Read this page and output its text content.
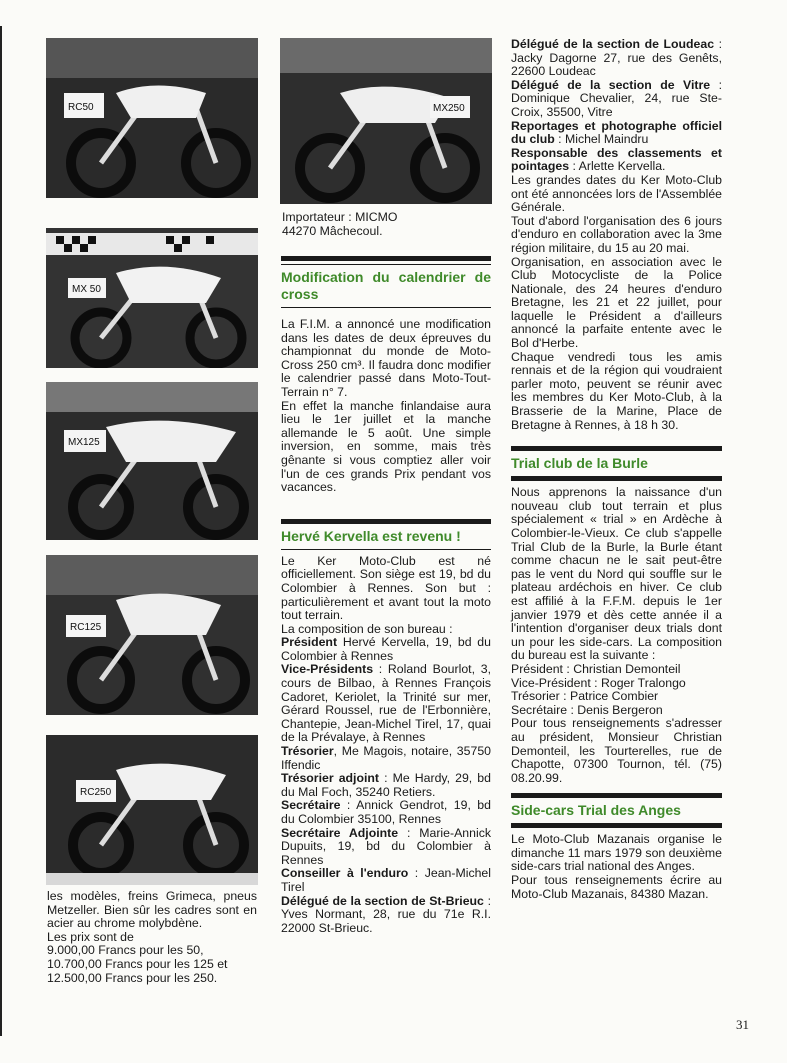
RC50	MX250
MX 50
MX125
RC125
RC250
Importateur : MICMO
44270 Mâchecoul.

les modèles, freins Grimeca, pneus Metzeller. Bien sûr les cadres sont en acier au chrome molybdène.

Les prix sont de

9.000,00 Francs pour les 50,

10.700,00 Francs pour les 125 et

12.500,00 Francs pour les 250.

Modification du calendrier de cross

La F.I.M. a annoncé une modification dans les dates de deux épreuves du championnat du monde de Moto-Cross 250 cm³. Il faudra donc modifier le calendrier passé dans Moto-Tout-Terrain n° 7.

En effet la manche finlandaise aura lieu le 1er juillet et la manche allemande le 5 août. Une simple inversion, en somme, mais très gênante si vous comptiez aller voir l'un de ces grands Prix pendant vos vacances.

Hervé Kervella est revenu !

Le Ker Moto-Club est né officiellement. Son siège est 19, bd du Colombier à Rennes. Son but : particulièrement et avant tout la moto tout terrain.

La composition de son bureau :

Président Hervé Kervella, 19, bd du Colombier à Rennes

Vice-Présidents : Roland Bourlot, 3, cours de Bilbao, à Rennes François Cadoret, Keriolet, la Trinité sur mer, Gérard Roussel, rue de l'Erbonnière, Chantepie, Jean-Michel Tirel, 17, quai de la Prévalaye, à Rennes

Trésorier, Me Magois, notaire, 35750 Iffendic

Trésorier adjoint : Me Hardy, 29, bd du Mal Foch, 35240 Retiers.

Secrétaire : Annick Gendrot, 19, bd du Colombier 35100, Rennes

Secrétaire Adjointe : Marie-Annick Dupuits, 19, bd du Colombier à Rennes

Conseiller à l'enduro : Jean-Michel Tirel

Délégué de la section de St-Brieuc : Yves Normant, 28, rue du 71e R.I. 22000 St-Brieuc.

Délégué de la section de Loudeac : Jacky Dagorne 27, rue des Genêts, 22600 Loudeac

Délégué de la section de Vitre : Dominique Chevalier, 24, rue Ste-Croix, 35500, Vitre

Reportages et photographe officiel du club : Michel Maindru

Responsable des classements et pointages : Arlette Kervella.

Les grandes dates du Ker Moto-Club ont été annoncées lors de l'Assemblée Générale.

Tout d'abord l'organisation des 6 jours d'enduro en collaboration avec la 3me région militaire, du 15 au 20 mai.

Organisation, en association avec le Club Motocycliste de la Police Nationale, des 24 heures d'enduro Bretagne, les 21 et 22 juillet, pour laquelle le Président a d'ailleurs annoncé la parfaite entente avec le Bol d'Herbe.

Chaque vendredi tous les amis rennais et de la région qui voudraient parler moto, peuvent se réunir avec les membres du Ker Moto-Club, à la Brasserie de la Marine, Place de Bretagne à Rennes, à 18 h 30.

Trial club de la Burle

Nous apprenons la naissance d'un nouveau club tout terrain et plus spécialement « trial » en Ardèche à Colombier-le-Vieux. Ce club s'appelle Trial Club de la Burle, la Burle étant comme chacun ne le sait peut-être pas le vent du Nord qui souffle sur le plateau ardéchois en hiver. Ce club est affilié à la F.F.M. depuis le 1er janvier 1979 et dès cette année il a l'intention d'organiser deux trials dont un pour les side-cars. La composition du bureau est la suivante :

Président : Christian Demonteil

Vice-Président : Roger Tralongo

Trésorier : Patrice Combier

Secrétaire : Denis Bergeron

Pour tous renseignements s'adresser au président, Monsieur Christian Demonteil, les Tourterelles, rue de Chapotte, 07300 Tournon, tél. (75) 08.20.99.

Side-cars Trial des Anges

Le Moto-Club Mazanais organise le dimanche 11 mars 1979 son deuxième side-cars trial national des Anges.

Pour tous renseignements écrire au Moto-Club Mazanais, 84380 Mazan.

31
